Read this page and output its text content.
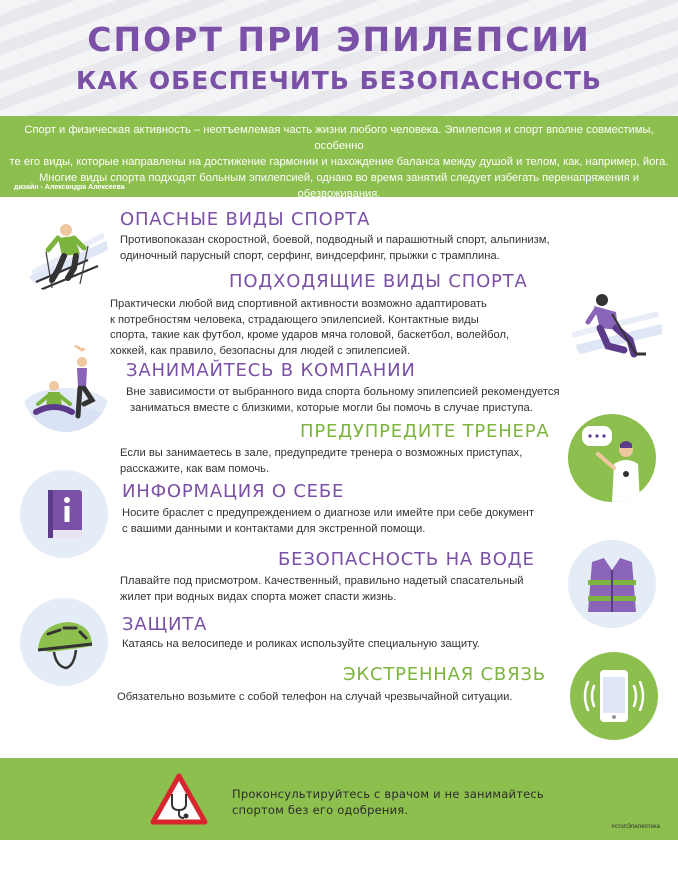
СПОРТ ПРИ ЭПИЛЕПСИИ
КАК ОБЕСПЕЧИТЬ БЕЗОПАСНОСТЬ

Спорт и физическая активность – неотъемлемая часть жизни любого человека. Эпилепсия и спорт вполне совместимы, особенно

те его виды, которые направлены на достижение гармонии и нахождение баланса между душой и телом, как, например, йога.

Многие виды спорта подходят больным эпилепсией, однако во время занятий следует избегать перенапряжения и обезвоживания.

дизайн - Александра Алексеева
ОПАСНЫЕ ВИДЫ СПОРТА
Противопоказан скоростной, боевой, подводный и парашютный спорт, альпинизм,
одиночный парусный спорт, серфинг, виндсерфинг, прыжки с трамплина.
ПОДХОДЯЩИЕ ВИДЫ СПОРТА
Практически любой вид спортивной активности возможно адаптировать
к потребностям человека, страдающего эпилепсией. Контактные виды
спорта, такие как футбол, кроме ударов мяча головой, баскетбол, волейбол,
хоккей, как правило, безопасны для людей с эпилепсией.
ЗАНИМАЙТЕСЬ В КОМПАНИИ
Вне зависимости от выбранного вида спорта больному эпилепсией рекомендуется
заниматься вместе с близкими, которые могли бы помочь в случае приступа.
ПРЕДУПРЕДИТЕ ТРЕНЕРА
Если вы занимаетесь в зале, предупредите тренера о возможных приступах,
расскажите, как вам помочь.
ИНФОРМАЦИЯ О СЕБЕ
Носите браслет с предупреждением о диагнозе или имейте при себе документ
с вашими данными и контактами для экстренной помощи.
БЕЗОПАСНОСТЬ НА ВОДЕ
Плавайте под присмотром. Качественный, правильно надетый спасательный
жилет при водных видах спорта может спасти жизнь.
ЗАЩИТА
Катаясь на велосипеде и роликах используйте специальную защиту.
ЭКСТРЕННАЯ СВЯЗЬ
Обязательно возьмите с собой телефон на случай чрезвычайной ситуации.
Проконсультируйтесь с врачом и не занимайтесь
спортом без его одобрения.
#стопЭпилептика
